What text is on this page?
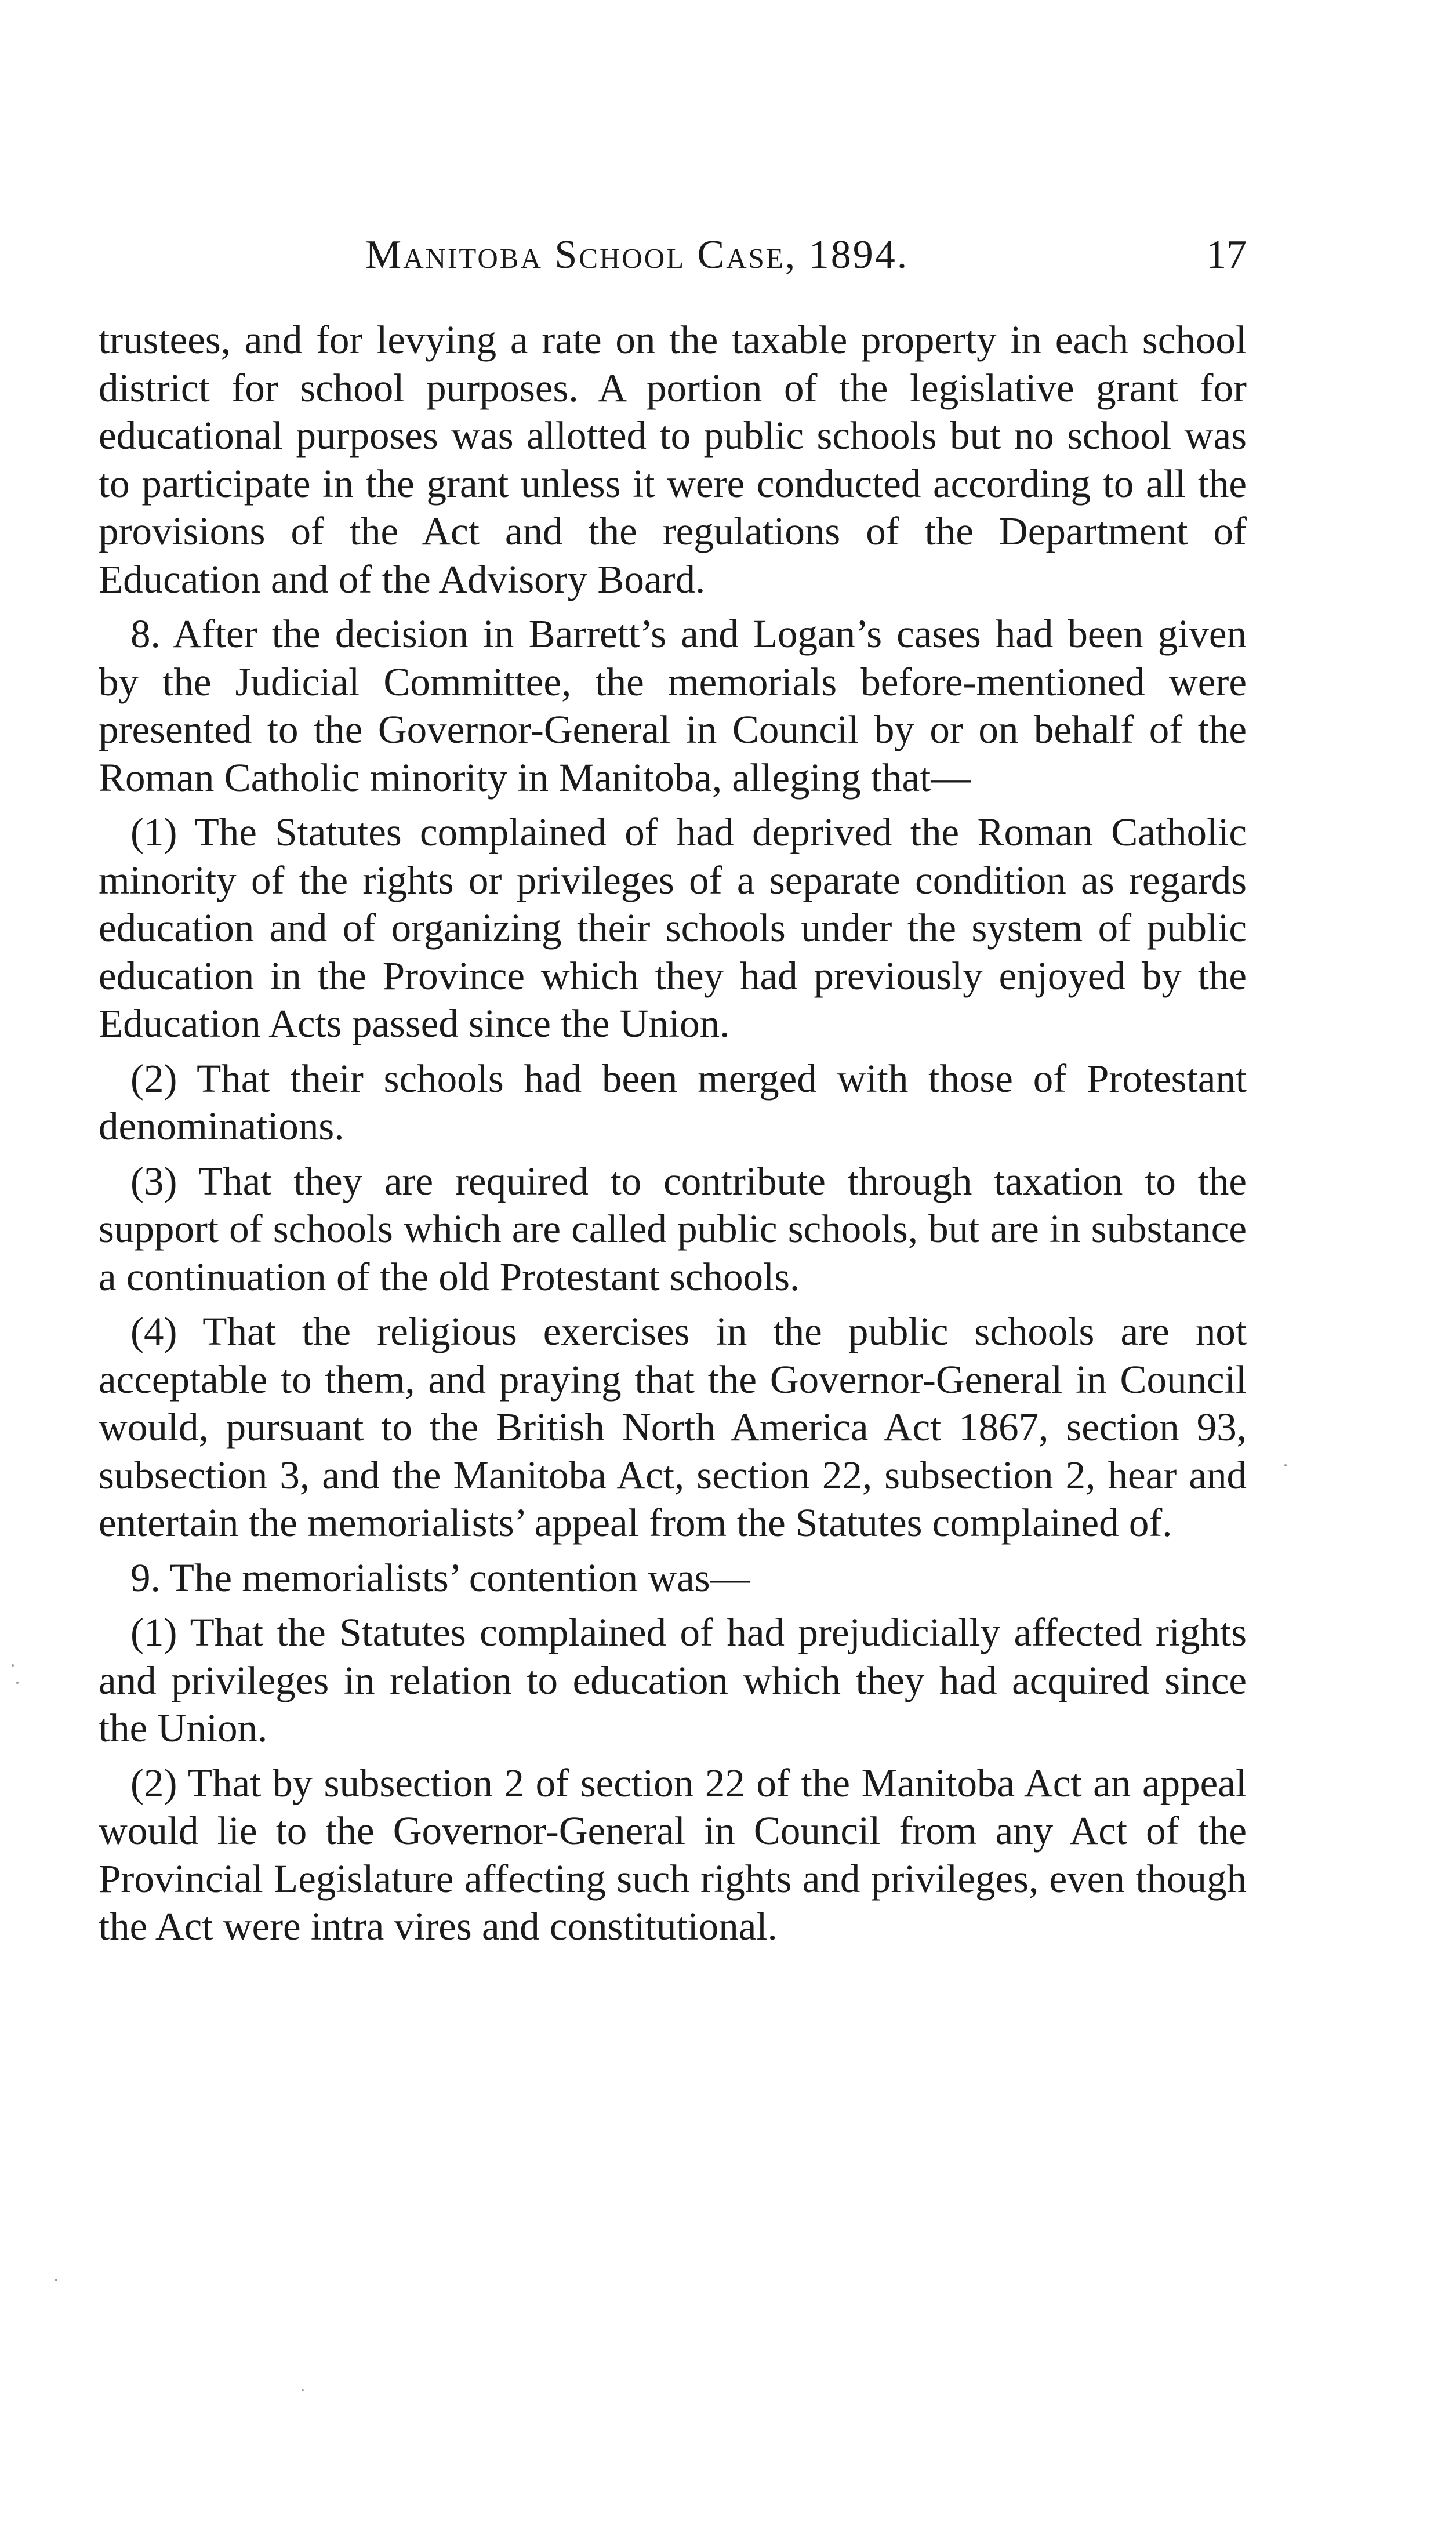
Manitoba School Case, 1894.	17

trustees, and for levying a rate on the taxable property in each school district for school purposes. A portion of the legislative grant for educational purposes was allotted to public schools but no school was to participate in the grant unless it were conducted according to all the provisions of the Act and the regulations of the Department of Education and of the Advisory Board.

8. After the decision in Barrett’s and Logan’s cases had been given by the Judicial Committee, the memorials before-mentioned were presented to the Governor-General in Council by or on behalf of the Roman Catholic minority in Manitoba, alleging that—

(1) The Statutes complained of had deprived the Roman Catholic minority of the rights or privileges of a separate condition as regards education and of organizing their schools under the system of public education in the Province which they had previously enjoyed by the Education Acts passed since the Union.

(2) That their schools had been merged with those of Protestant denominations.

(3) That they are required to contribute through taxation to the support of schools which are called public schools, but are in substance a continuation of the old Protestant schools.

(4) That the religious exercises in the public schools are not acceptable to them, and praying that the Governor-General in Council would, pursuant to the British North America Act 1867, section 93, subsection 3, and the Manitoba Act, section 22, subsection 2, hear and entertain the memorialists’ appeal from the Statutes complained of.

9. The memorialists’ contention was—

(1) That the Statutes complained of had prejudicially affected rights and privileges in relation to education which they had acquired since the Union.

(2) That by subsection 2 of section 22 of the Manitoba Act an appeal would lie to the Governor-General in Council from any Act of the Provincial Legislature affecting such rights and privileges, even though the Act were intra vires and constitutional.
